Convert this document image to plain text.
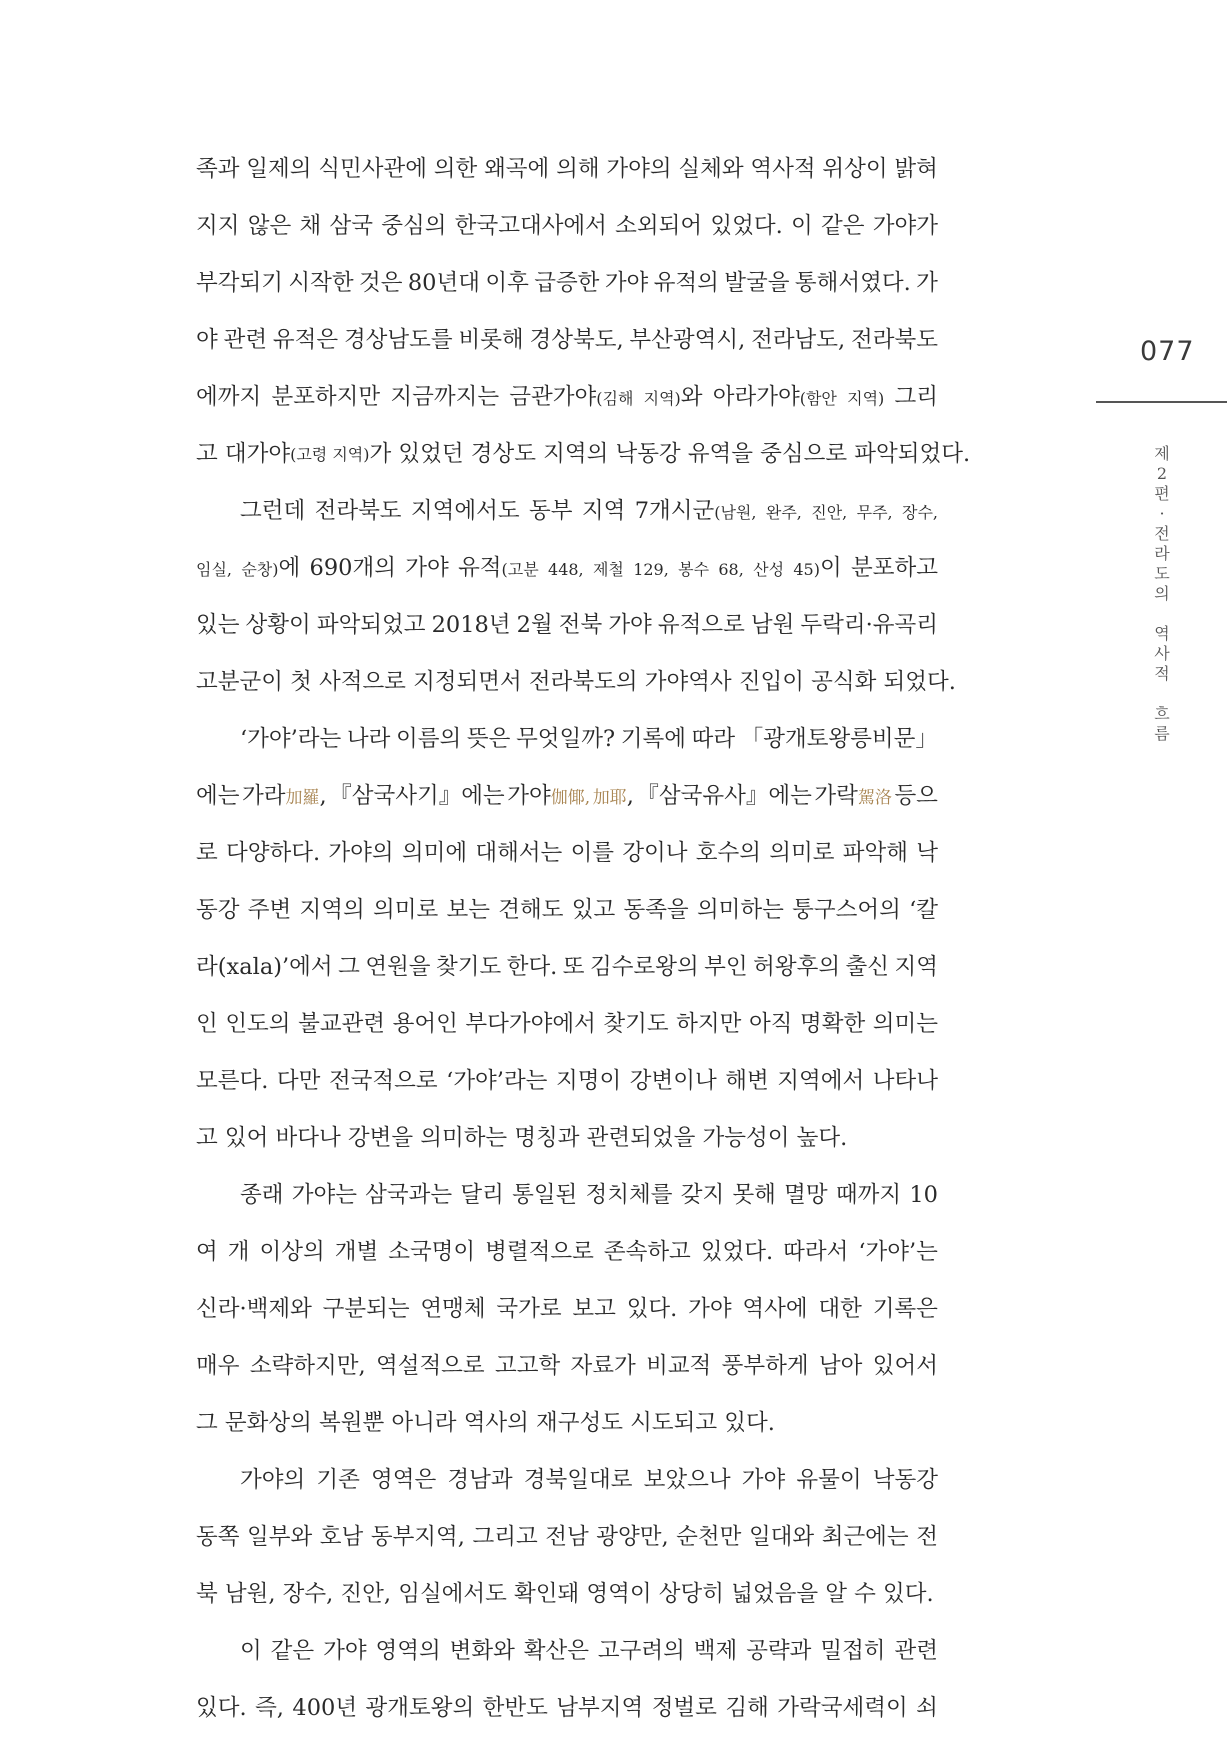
족과 일제의 식민사관에 의한 왜곡에 의해 가야의 실체와 역사적 위상이 밝혀
지지 않은 채 삼국 중심의 한국고대사에서 소외되어 있었다. 이 같은 가야가
부각되기 시작한 것은 80년대 이후 급증한 가야 유적의 발굴을 통해서였다. 가
야 관련 유적은 경상남도를 비롯해 경상북도, 부산광역시, 전라남도, 전라북도
에까지 분포하지만 지금까지는 금관가야(김해 지역)와 아라가야(함안 지역) 그리
고 대가야 (고령 지역) 가 있었던 경상도 지역의 낙동강 유역을 중심으로 파악되었다.
그런데 전라북도 지역에서도 동부 지역 7개시군(남원, 완주, 진안, 무주, 장수,
임실, 순창)에 690개의 가야 유적(고분 448, 제철 129, 봉수 68, 산성 45)이 분포하고
있는 상황이 파악되었고 2018년 2월 전북 가야 유적으로 남원 두락리·유곡리
고분군이 첫 사적으로 지정되면서 전라북도의 가야역사 진입이 공식화 되었다.
‘가야’라는 나라 이름의 뜻은 무엇일까? 기록에 따라 「광개토왕릉비문」
에는 가라加羅, 『삼국사기』에는 가야伽倻, 加耶, 『삼국유사』에는 가락駕洛 등으
로 다양하다. 가야의 의미에 대해서는 이를 강이나 호수의 의미로 파악해 낙
동강 주변 지역의 의미로 보는 견해도 있고 동족을 의미하는 퉁구스어의 ‘칼
라(xala)’에서 그 연원을 찾기도 한다. 또 김수로왕의 부인 허왕후의 출신 지역
인 인도의 불교관련 용어인 부다가야에서 찾기도 하지만 아직 명확한 의미는
모른다. 다만 전국적으로 ‘가야’라는 지명이 강변이나 해변 지역에서 나타나
고 있어 바다나 강변을 의미하는 명칭과 관련되었을 가능성이 높다.
종래 가야는 삼국과는 달리 통일된 정치체를 갖지 못해 멸망 때까지 10
여 개 이상의 개별 소국명이 병렬적으로 존속하고 있었다. 따라서 ‘가야’는
신라·백제와 구분되는 연맹체 국가로 보고 있다. 가야 역사에 대한 기록은
매우 소략하지만, 역설적으로 고고학 자료가 비교적 풍부하게 남아 있어서
그 문화상의 복원뿐 아니라 역사의 재구성도 시도되고 있다.
가야의 기존 영역은 경남과 경북일대로 보았으나 가야 유물이 낙동강
동쪽 일부와 호남 동부지역, 그리고 전남 광양만, 순천만 일대와 최근에는 전
북 남원, 장수, 진안, 임실에서도 확인돼 영역이 상당히 넓었음을 알 수 있다.
이 같은 가야 영역의 변화와 확산은 고구려의 백제 공략과 밀접히 관련
있다. 즉, 400년 광개토왕의 한반도 남부지역 정벌로 김해 가락국세력이 쇠
077
제
2
편
·
전
라
도
의

역
사
적

흐
름
